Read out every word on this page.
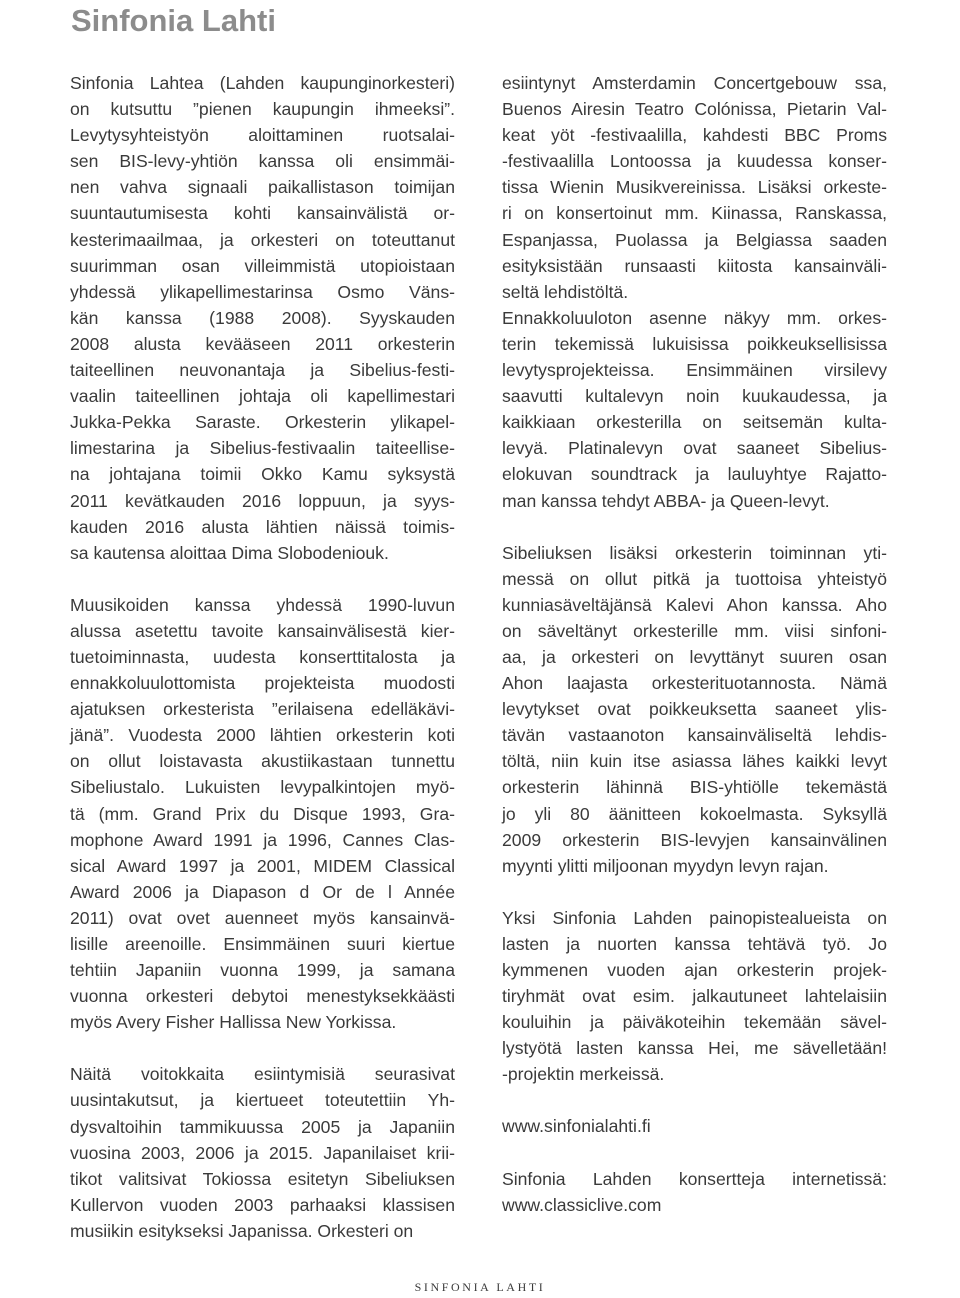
Sinfonia Lahti

Sinfonia Lahtea (Lahden kaupunginorkesteri)
on kutsuttu ”pienen kaupungin ihmeeksi”.
Levytysyhteistyön aloittaminen ruotsalai-
sen BIS-levy-yhtiön kanssa oli ensimmäi-
nen vahva signaali paikallistason toimijan
suuntautumisesta kohti kansainvälistä or-
kesterimaailmaa, ja orkesteri on toteuttanut
suurimman osan villeimmistä utopioistaan
yhdessä ylikapellimestarinsa Osmo Väns-
kän kanssa (1988 2008). Syyskauden
2008 alusta kevääseen 2011 orkesterin
taiteellinen neuvonantaja ja Sibelius-festi-
vaalin taiteellinen johtaja oli kapellimestari
Jukka-Pekka Saraste. Orkesterin ylikapel-
limestarina ja Sibelius-festivaalin taiteellise-
na johtajana toimii Okko Kamu syksystä
2011 kevätkauden 2016 loppuun, ja syys-
kauden 2016 alusta lähtien näissä toimis-
sa kautensa aloittaa Dima Slobodeniouk.

Muusikoiden kanssa yhdessä 1990-luvun
alussa asetettu tavoite kansainvälisestä kier-
tuetoiminnasta, uudesta konserttitalosta ja
ennakkoluulottomista projekteista muodosti
ajatuksen orkesterista ”erilaisena edelläkävi-
jänä”. Vuodesta 2000 lähtien orkesterin koti
on ollut loistavasta akustiikastaan tunnettu
Sibeliustalo. Lukuisten levypalkintojen myö-
tä (mm. Grand Prix du Disque 1993, Gra-
mophone Award 1991 ja 1996, Cannes Clas-
sical Award 1997 ja 2001, MIDEM Classical
Award 2006 ja Diapason d Or de l Année
2011) ovat ovet auenneet myös kansainvä-
lisille areenoille. Ensimmäinen suuri kiertue
tehtiin Japaniin vuonna 1999, ja samana
vuonna orkesteri debytoi menestyksekkäästi
myös Avery Fisher Hallissa New Yorkissa.

Näitä voitokkaita esiintymisiä seurasivat
uusintakutsut, ja kiertueet toteutettiin Yh-
dysvaltoihin tammikuussa 2005 ja Japaniin
vuosina 2003, 2006 ja 2015. Japanilaiset krii-
tikot valitsivat Tokiossa esitetyn Sibeliuksen
Kullervon vuoden 2003 parhaaksi klassisen
musiikin esitykseksi Japanissa. Orkesteri on

esiintynyt Amsterdamin Concertgebouw ssa,
Buenos Airesin Teatro Colónissa, Pietarin Val-
keat yöt -festivaalilla, kahdesti BBC Proms
-festivaalilla Lontoossa ja kuudessa konser-
tissa Wienin Musikvereinissa. Lisäksi orkeste-
ri on konsertoinut mm. Kiinassa, Ranskassa,
Espanjassa, Puolassa ja Belgiassa saaden
esityksistään runsaasti kiitosta kansainväli-
seltä lehdistöltä.
Ennakkoluuloton asenne näkyy mm. orkes-
terin tekemissä lukuisissa poikkeuksellisissa
levytysprojekteissa. Ensimmäinen virsilevy
saavutti kultalevyn noin kuukaudessa, ja
kaikkiaan orkesterilla on seitsemän kulta-
levyä. Platinalevyn ovat saaneet Sibelius-
elokuvan soundtrack ja lauluyhtye Rajatto-
man kanssa tehdyt ABBA- ja Queen-levyt.

Sibeliuksen lisäksi orkesterin toiminnan yti-
messä on ollut pitkä ja tuottoisa yhteistyö
kunniasäveltäjänsä Kalevi Ahon kanssa. Aho
on säveltänyt orkesterille mm. viisi sinfoni-
aa, ja orkesteri on levyttänyt suuren osan
Ahon laajasta orkesterituotannosta. Nämä
levytykset ovat poikkeuksetta saaneet ylis-
tävän vastaanoton kansainväliseltä lehdis-
töltä, niin kuin itse asiassa lähes kaikki levyt
orkesterin lähinnä BIS-yhtiölle tekemästä
jo yli 80 äänitteen kokoelmasta. Syksyllä
2009 orkesterin BIS-levyjen kansainvälinen
myynti ylitti miljoonan myydyn levyn rajan.

Yksi Sinfonia Lahden painopistealueista on
lasten ja nuorten kanssa tehtävä työ. Jo
kymmenen vuoden ajan orkesterin projek-
tiryhmät ovat esim. jalkautuneet lahtelaisiin
kouluihin ja päiväkoteihin tekemään sävel-
lystyötä lasten kanssa Hei, me sävelletään!
-projektin merkeissä.

www.sinfonialahti.fi

Sinfonia Lahden konsertteja internetissä:
www.classiclive.com

SINFONIA LAHTI
